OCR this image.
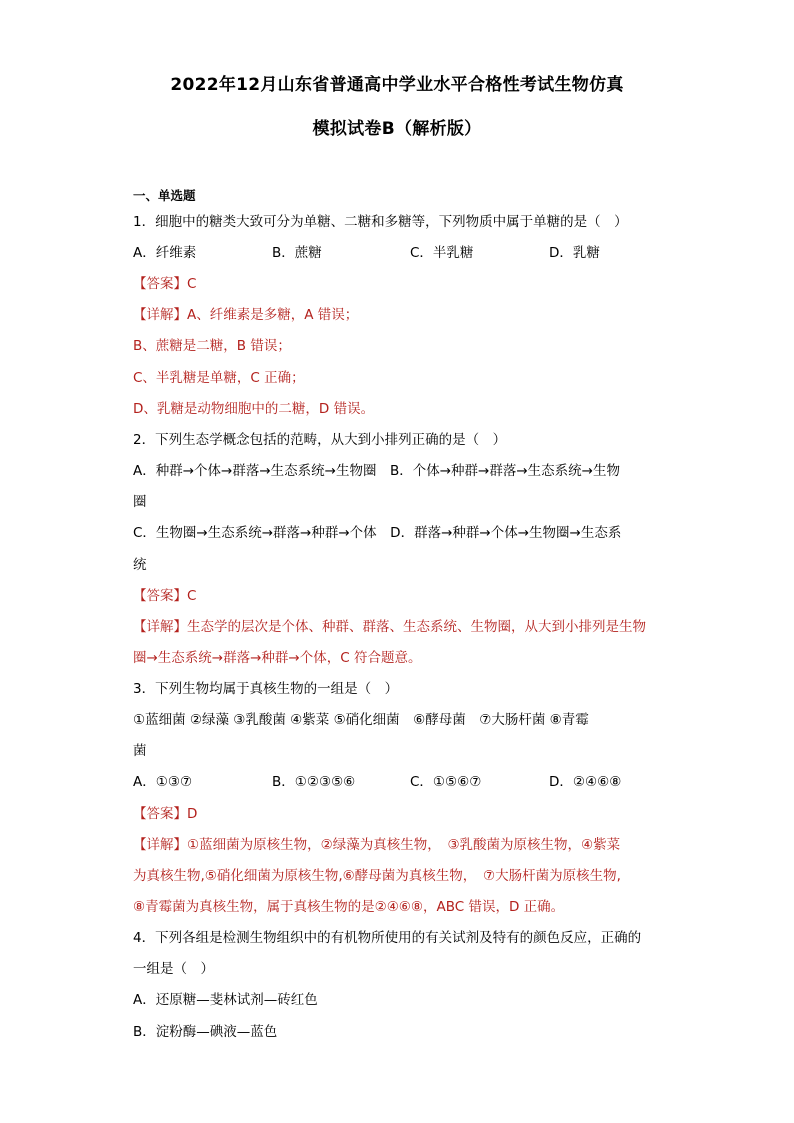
2022年12月山东省普通高中学业水平合格性考试生物仿真
模拟试卷B（解析版）
一、单选题
1．细胞中的糖类大致可分为单糖、二糖和多糖等，下列物质中属于单糖的是（　）
A．纤维素	B．蔗糖	C．半乳糖	D．乳糖
【答案】C
【详解】A、纤维素是多糖，A 错误；
B、蔗糖是二糖，B 错误；
C、半乳糖是单糖，C 正确；
D、乳糖是动物细胞中的二糖，D 错误。
2．下列生态学概念包括的范畴，从大到小排列正确的是（　）
A．种群→个体→群落→生态系统→生物圈　B．个体→种群→群落→生态系统→生物
圈
C．生物圈→生态系统→群落→种群→个体　D．群落→种群→个体→生物圈→生态系
统
【答案】C
【详解】生态学的层次是个体、种群、群落、生态系统、生物圈，从大到小排列是生物
圈→生态系统→群落→种群→个体，C 符合题意。
3．下列生物均属于真核生物的一组是（　）
①蓝细菌 ②绿藻 ③乳酸菌 ④紫菜 ⑤硝化细菌　⑥酵母菌　⑦大肠杆菌 ⑧青霉
菌
A．①③⑦	B．①②③⑤⑥	C．①⑤⑥⑦	D．②④⑥⑧
【答案】D
【详解】①蓝细菌为原核生物，②绿藻为真核生物，　③乳酸菌为原核生物，④紫菜
为真核生物,⑤硝化细菌为原核生物,⑥酵母菌为真核生物，　⑦大肠杆菌为原核生物,
⑧青霉菌为真核生物，属于真核生物的是②④⑥⑧，ABC 错误，D 正确。
4．下列各组是检测生物组织中的有机物所使用的有关试剂及特有的颜色反应，正确的
一组是（　）
A．还原糖—斐林试剂—砖红色
B．淀粉酶—碘液—蓝色
